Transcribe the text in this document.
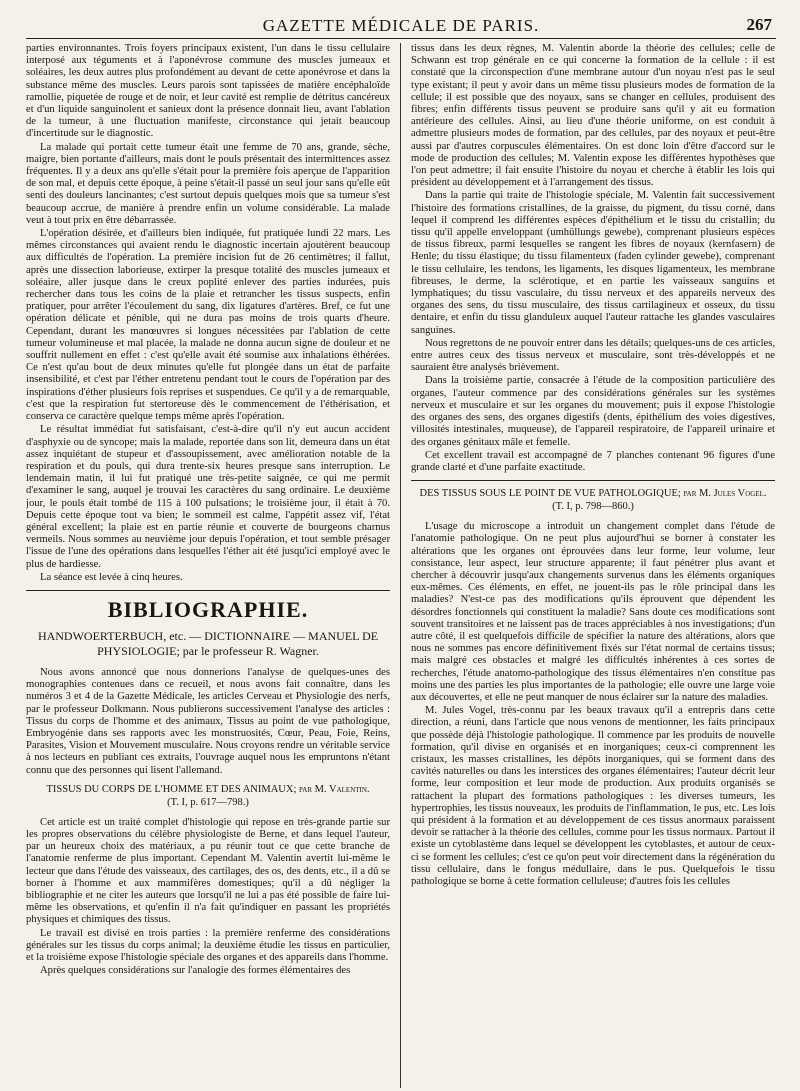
GAZETTE MÉDICALE DE PARIS.	267

parties environnantes. Trois foyers principaux existent, l'un dans le tissu cellulaire interposé aux téguments et à l'aponévrose commune des muscles jumeaux et soléaires, les deux autres plus profondément au devant de cette aponévrose et dans la substance même des muscles. Leurs parois sont tapissées de matière encéphaloïde ramollie, piquetée de rouge et de noir, et leur cavité est remplie de détritus cancéreux et d'un liquide sanguinolent et sanieux dont la présence donnait lieu, avant l'ablation de la tumeur, à une fluctuation manifeste, circonstance qui jetait beaucoup d'incertitude sur le diagnostic.

La malade qui portait cette tumeur était une femme de 70 ans, grande, sèche, maigre, bien portante d'ailleurs, mais dont le pouls présentait des intermittences assez fréquentes. Il y a deux ans qu'elle s'était pour la première fois aperçue de l'apparition de son mal, et depuis cette époque, à peine s'était-il passé un seul jour sans qu'elle eût senti des douleurs lancinantes; c'est surtout depuis quelques mois que sa tumeur s'est beaucoup accrue, de manière à prendre enfin un volume considérable. La malade veut à tout prix en être débarrassée.

L'opération désirée, et d'ailleurs bien indiquée, fut pratiquée lundi 22 mars. Les mêmes circonstances qui avaient rendu le diagnostic incertain ajoutèrent beaucoup aux difficultés de l'opération. La première incision fut de 26 centimètres; il fallut, après une dissection laborieuse, extirper la presque totalité des muscles jumeaux et soléaire, aller jusque dans le creux poplité enlever des parties indurées, puis rechercher dans tous les coins de la plaie et retrancher les tissus suspects, enfin pratiquer, pour arrêter l'écoulement du sang, dix ligatures d'artères. Bref, ce fut une opération délicate et pénible, qui ne dura pas moins de trois quarts d'heure. Cependant, durant les manœuvres si longues nécessitées par l'ablation de cette tumeur volumineuse et mal placée, la malade ne donna aucun signe de douleur et ne souffrit nullement en effet : c'est qu'elle avait été soumise aux inhalations éthérées. Ce n'est qu'au bout de deux minutes qu'elle fut plongée dans un état de parfaite insensibilité, et c'est par l'éther entretenu pendant tout le cours de l'opération par des inspirations d'éther plusieurs fois reprises et suspendues. Ce qu'il y a de remarquable, c'est que la respiration fut stertoreuse dès le commencement de l'éthérisation, et conserva ce caractère quelque temps même après l'opération.

Le résultat immédiat fut satisfaisant, c'est-à-dire qu'il n'y eut aucun accident d'asphyxie ou de syncope; mais la malade, reportée dans son lit, demeura dans un état assez inquiétant de stupeur et d'assoupissement, avec amélioration notable de la respiration et du pouls, qui dura trente-six heures presque sans interruption. Le lendemain matin, il lui fut pratiqué une très-petite saignée, ce qui me permit d'examiner le sang, auquel je trouvai les caractères du sang ordinaire. Le deuxième jour, le pouls était tombé de 115 à 100 pulsations; le troisième jour, il était à 70. Depuis cette époque tout va bien; le sommeil est calme, l'appétit assez vif, l'état général excellent; la plaie est en partie réunie et couverte de bourgeons charnus vermeils. Nous sommes au neuvième jour depuis l'opération, et tout semble présager l'issue de l'une des opérations dans lesquelles l'éther ait été jusqu'ici employé avec le plus de hardiesse.

La séance est levée à cinq heures.

BIBLIOGRAPHIE.
HANDWOERTERBUCH, etc. — DICTIONNAIRE — MANUEL DE PHYSIOLOGIE; par le professeur R. Wagner.

Nous avons annoncé que nous donnerions l'analyse de quelques-unes des monographies contenues dans ce recueil, et nous avons fait connaître, dans les numéros 3 et 4 de la Gazette Médicale, les articles Cerveau et Physiologie des nerfs, par le professeur Dolkmann. Nous publierons successivement l'analyse des articles : Tissus du corps de l'homme et des animaux, Tissus au point de vue pathologique, Embryogénie dans ses rapports avec les monstruosités, Cœur, Peau, Foie, Reins, Parasites, Vision et Mouvement musculaire. Nous croyons rendre un véritable service à nos lecteurs en publiant ces extraits, l'ouvrage auquel nous les empruntons n'étant connu que des personnes qui lisent l'allemand.

TISSUS DU CORPS DE L'HOMME ET DES ANIMAUX; par M. Valentin.
(T. I, p. 617—798.)

Cet article est un traité complet d'histologie qui repose en très-grande partie sur les propres observations du célèbre physiologiste de Berne, et dans lequel l'auteur, par un heureux choix des matériaux, a pu réunir tout ce que cette branche de l'anatomie renferme de plus important. Cependant M. Valentin avertit lui-même le lecteur que dans l'étude des vaisseaux, des cartilages, des os, des dents, etc., il a dû se borner à l'homme et aux mammifères domestiques; qu'il a dû négliger la bibliographie et ne citer les auteurs que lorsqu'il ne lui a pas été possible de faire lui-même les observations, et qu'enfin il n'a fait qu'indiquer en passant les propriétés physiques et chimiques des tissus.

Le travail est divisé en trois parties : la première renferme des considérations générales sur les tissus du corps animal; la deuxième étudie les tissus en particulier, et la troisième expose l'histologie spéciale des organes et des appareils dans l'homme.

Après quelques considérations sur l'analogie des formes élémentaires des

tissus dans les deux règnes, M. Valentin aborde la théorie des cellules; celle de Schwann est trop générale en ce qui concerne la formation de la cellule : il est constaté que la circonspection d'une membrane autour d'un noyau n'est pas le seul type existant; il peut y avoir dans un même tissu plusieurs modes de formation de la cellule; il est possible que des noyaux, sans se changer en cellules, produisent des fibres; enfin différents tissus peuvent se produire sans qu'il y ait eu formation antérieure des cellules. Ainsi, au lieu d'une théorie uniforme, on est conduit à admettre plusieurs modes de formation, par des cellules, par des noyaux et peut-être aussi par d'autres corpuscules élémentaires. On est donc loin d'être d'accord sur le mode de production des cellules; M. Valentin expose les différentes hypothèses que l'on peut admettre; il fait ensuite l'histoire du noyau et cherche à établir les lois qui président au développement et à l'arrangement des tissus.

Dans la partie qui traite de l'histologie spéciale, M. Valentin fait successivement l'histoire des formations cristallines, de la graisse, du pigment, du tissu corné, dans lequel il comprend les différentes espèces d'épithélium et le tissu du cristallin; du tissu qu'il appelle enveloppant (umhüllungs gewebe), comprenant plusieurs espèces de tissus fibreux, parmi lesquelles se rangent les fibres de noyaux (kernfasern) de Henle; du tissu élastique; du tissu filamenteux (faden cylinder gewebe), comprenant le tissu cellulaire, les tendons, les ligaments, les disques ligamenteux, les membrane fibreuses, le derme, la sclérotique, et en partie les vaisseaux sanguins et lymphatiques; du tissu vasculaire, du tissu nerveux et des appareils nerveux des organes des sens, du tissu musculaire, des tissus cartilagineux et osseux, du tissu dentaire, et enfin du tissu glanduleux auquel l'auteur rattache les glandes vasculaires sanguines.

Nous regrettons de ne pouvoir entrer dans les détails; quelques-uns de ces articles, entre autres ceux des tissus nerveux et musculaire, sont très-développés et ne sauraient être analysés brièvement.

Dans la troisième partie, consacrée à l'étude de la composition particulière des organes, l'auteur commence par des considérations générales sur les systèmes nerveux et musculaire et sur les organes du mouvement; puis il expose l'histologie des organes des sens, des organes digestifs (dents, épithélium des voies digestives, villosités intestinales, muqueuse), de l'appareil respiratoire, de l'appareil urinaire et des organes génitaux mâle et femelle.

Cet excellent travail est accompagné de 7 planches contenant 96 figures d'une grande clarté et d'une parfaite exactitude.

DES TISSUS SOUS LE POINT DE VUE PATHOLOGIQUE; par M. Jules Vogel.
(T. I, p. 798—860.)

L'usage du microscope a introduit un changement complet dans l'étude de l'anatomie pathologique. On ne peut plus aujourd'hui se borner à constater les altérations que les organes ont éprouvées dans leur forme, leur volume, leur consistance, leur aspect, leur structure apparente; il faut pénétrer plus avant et chercher à découvrir jusqu'aux changements survenus dans les éléments organiques eux-mêmes. Ces éléments, en effet, ne jouent-ils pas le rôle principal dans les maladies? N'est-ce pas des modifications qu'ils éprouvent que dépendent les désordres fonctionnels qui constituent la maladie? Sans doute ces modifications sont souvent transitoires et ne laissent pas de traces appréciables à nos investigations; d'un autre côté, il est quelquefois difficile de spécifier la nature des altérations, alors que nous ne sommes pas encore définitivement fixés sur l'état normal de certains tissus; mais malgré ces obstacles et malgré les difficultés inhérentes à ces sortes de recherches, l'étude anatomo-pathologique des tissus élémentaires n'en constitue pas moins une des parties les plus importantes de la pathologie; elle ouvre une large voie aux découvertes, et elle ne peut manquer de nous éclairer sur la nature des maladies.

M. Jules Vogel, très-connu par les beaux travaux qu'il a entrepris dans cette direction, a réuni, dans l'article que nous venons de mentionner, les faits principaux que possède déjà l'histologie pathologique. Il commence par les produits de nouvelle formation, qu'il divise en organisés et en inorganiques; ceux-ci comprennent les cristaux, les masses cristallines, les dépôts inorganiques, qui se forment dans des cavités naturelles ou dans les interstices des organes élémentaires; l'auteur décrit leur forme, leur composition et leur mode de production. Aux produits organisés se rattachent la plupart des formations pathologiques : les diverses tumeurs, les hypertrophies, les tissus nouveaux, les produits de l'inflammation, le pus, etc. Les lois qui président à la formation et au développement de ces tissus anormaux paraissent devoir se rattacher à la théorie des cellules, comme pour les tissus normaux. Partout il existe un cytoblastème dans lequel se développent les cytoblastes, et autour de ceux-ci se forment les cellules; c'est ce qu'on peut voir directement dans la régénération du tissu cellulaire, dans le fongus médullaire, dans le pus. Quelquefois le tissu pathologique se borne à cette formation celluleuse; d'autres fois les cellules
